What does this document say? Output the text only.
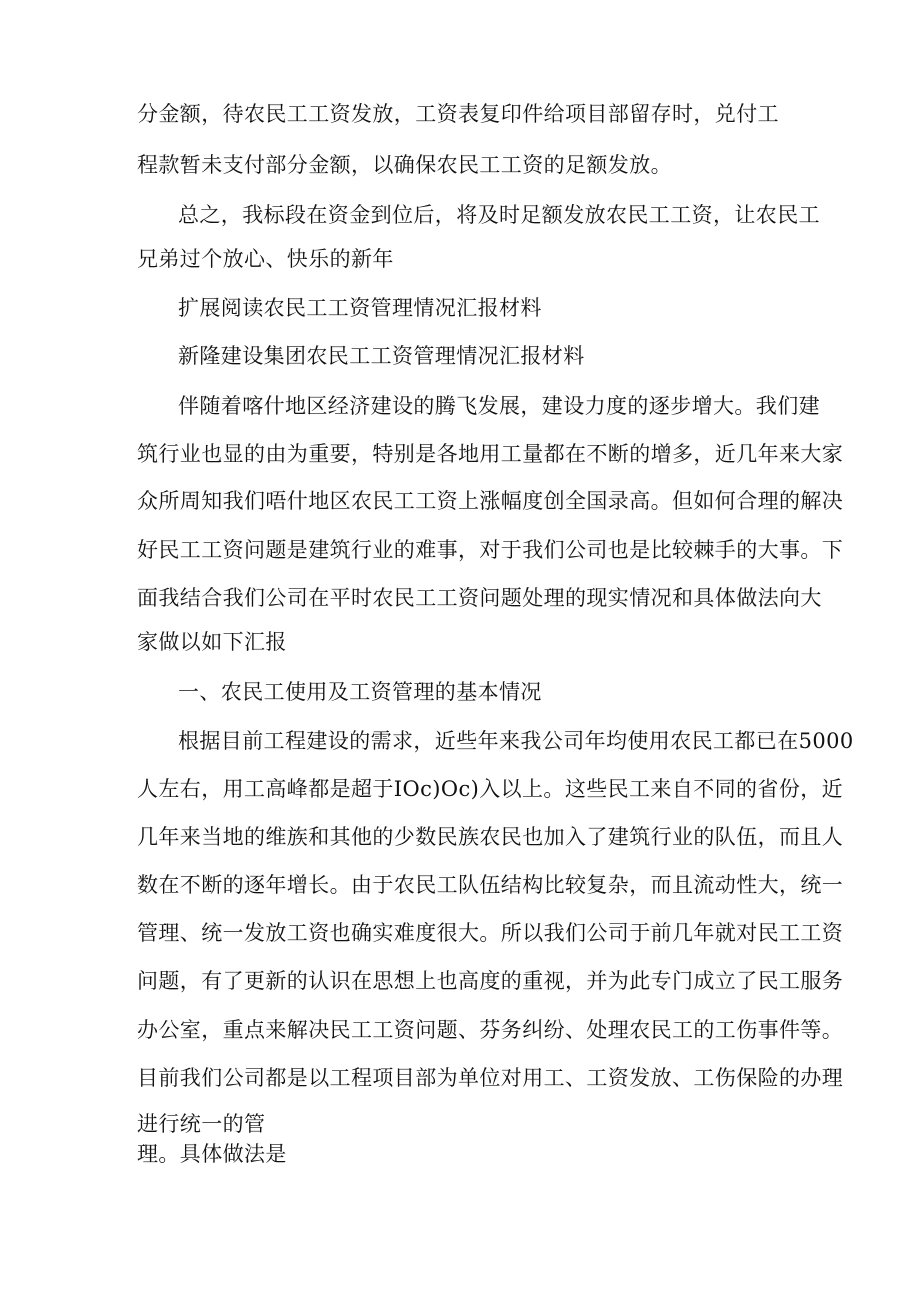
分金额，待农民工工资发放，工资表复印件给项目部留存时，兑付工
程款暂未支付部分金额，以确保农民工工资的足额发放。
总之，我标段在资金到位后，将及时足额发放农民工工资，让农民工
兄弟过个放心、快乐的新年
扩展阅读农民工工资管理情况汇报材料
新隆建设集团农民工工资管理情况汇报材料
伴随着喀什地区经济建设的腾飞发展，建设力度的逐步增大。我们建
筑行业也显的由为重要，特别是各地用工量都在不断的增多，近几年来大家
众所周知我们唔什地区农民工工资上涨幅度创全国录高。但如何合理的解决
好民工工资问题是建筑行业的难事，对于我们公司也是比较棘手的大事。下
面我结合我们公司在平时农民工工资问题处理的现实情况和具体做法向大
家做以如下汇报
一、农民工使用及工资管理的基本情况
根据目前工程建设的需求，近些年来我公司年均使用农民工都已在5000
人左右，用工高峰都是超于IOc)Oc)入以上。这些民工来自不同的省份，近
几年来当地的维族和其他的少数民族农民也加入了建筑行业的队伍，而且人
数在不断的逐年增长。由于农民工队伍结构比较复杂，而且流动性大，统一
管理、统一发放工资也确实难度很大。所以我们公司于前几年就对民工工资
问题，有了更新的认识在思想上也高度的重视，并为此专门成立了民工服务
办公室，重点来解决民工工资问题、芬务纠纷、处理农民工的工伤事件等。
目前我们公司都是以工程项目部为单位对用工、工资发放、工伤保险的办理
进行统一的管
理。具体做法是
